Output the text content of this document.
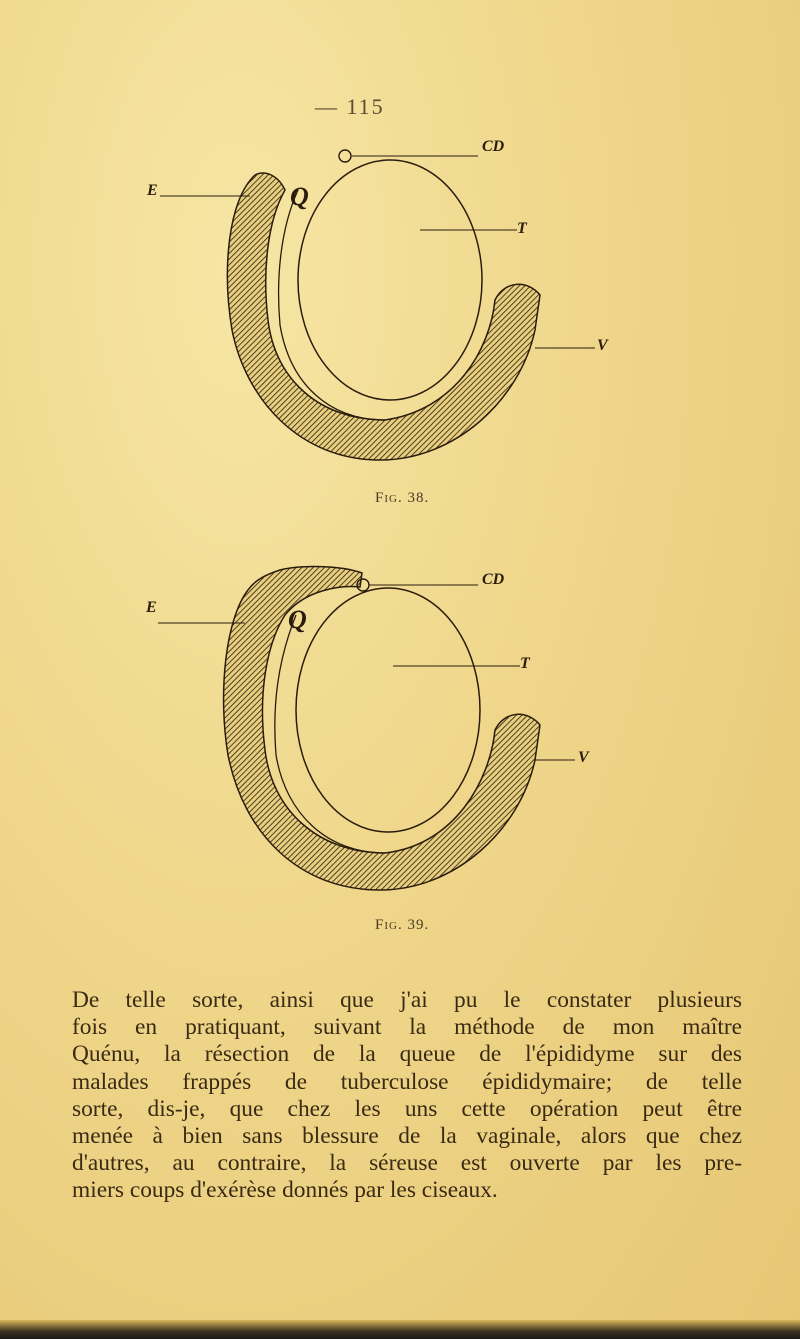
— 115
E
CD
T
V
Q
Fig. 38.
E
CD
T
V
Q
Fig. 39.
De telle sorte, ainsi que j'ai pu le constater plusieurs
fois en pratiquant, suivant la méthode de mon maître
Quénu, la résection de la queue de l'épididyme sur des
malades frappés de tuberculose épididymaire; de telle
sorte, dis-je, que chez les uns cette opération peut être
menée à bien sans blessure de la vaginale, alors que chez
d'autres, au contraire, la séreuse est ouverte par les pre-
miers coups d'exérèse donnés par les ciseaux.
